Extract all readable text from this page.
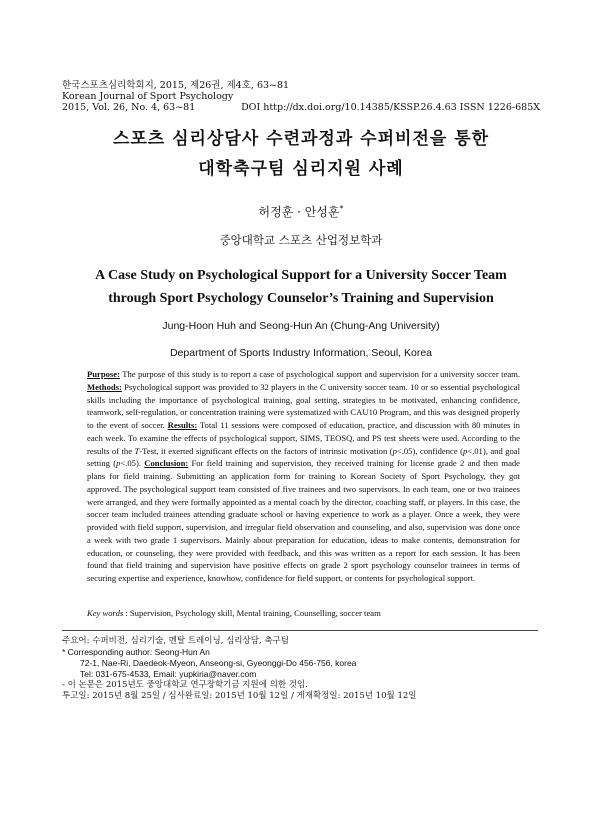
한국스포츠심리학회지, 2015, 제26권, 제4호, 63~81
Korean Journal of Sport Psychology
2015, Vol. 26, No. 4, 63~81	DOI http://dx.doi.org/10.14385/KSSP.26.4.63 ISSN 1226-685X
스포츠 심리상담사 수련과정과 수퍼비전을 통한
대학축구팀 심리지원 사례
허정훈 · 안성훈*
중앙대학교 스포츠 산업정보학과
A Case Study on Psychological Support for a University Soccer Team
through Sport Psychology Counselor’s Training and Supervision
Jung-Hoon Huh and Seong-Hun An (Chung-Ang University)
Department of Sports Industry Information, Seoul, Korea
Purpose: The purpose of this study is to report a case of psychological support and supervision for a university soccer team. Methods: Psychological support was provided to 32 players in the C university soccer team. 10 or so essential psychological skills including the importance of psychological training, goal setting, strategies to be motivated, enhancing confidence, teamwork, self-regulation, or concentration training were systematized with CAU10 Program, and this was designed properly to the event of soccer. Results: Total 11 sessions were composed of education, practice, and discussion with 80 minutes in each week. To examine the effects of psychological support, SIMS, TEOSQ, and PS test sheets were used. According to the results of the T-Test, it exerted significant effects on the factors of intrinsic motivation (p<.05), confidence (p<.01), and goal setting (p<.05). Conclusion: For field training and supervision, they received training for license grade 2 and then made plans for field training. Submitting an application form for training to Korean Society of Sport Psychology, they got approved. The psychological support team consisted of five trainees and two supervisors. In each team, one or two trainees were arranged, and they were formally appointed as a mental coach by the director, coaching staff, or players. In this case, the soccer team included trainees attending graduate school or having experience to work as a player. Once a week, they were provided with field support, supervision, and irregular field observation and counseling, and also, supervision was done once a week with two grade 1 supervisors. Mainly about preparation for education, ideas to make contents, demonstration for education, or counseling, they were provided with feedback, and this was written as a report for each session. It has been found that field training and supervision have positive effects on grade 2 sport psychology counselor trainees in terms of securing expertise and experience, knowhow, confidence for field support, or contents for psychological support.
Key words : Supervision, Psychology skill, Mental training, Counselling, soccer team
주요어: 수퍼비전, 심리기술, 멘탈 트레이닝, 심리상담, 축구팀
* Corresponding author: Seong-Hun An
72-1, Nae-Ri, Daedeok-Myeon, Anseong-si, Gyeonggi-Do 456-756, korea
Tel: 031-675-4533, Email: yupkiria@naver.com
- 이 논문은 2015년도 중앙대학교 연구장학기금 지원에 의한 것임.
투고일: 2015년 8월 25일 / 심사완료일: 2015년 10월 12일 / 게재확정일: 2015년 10월 12일
